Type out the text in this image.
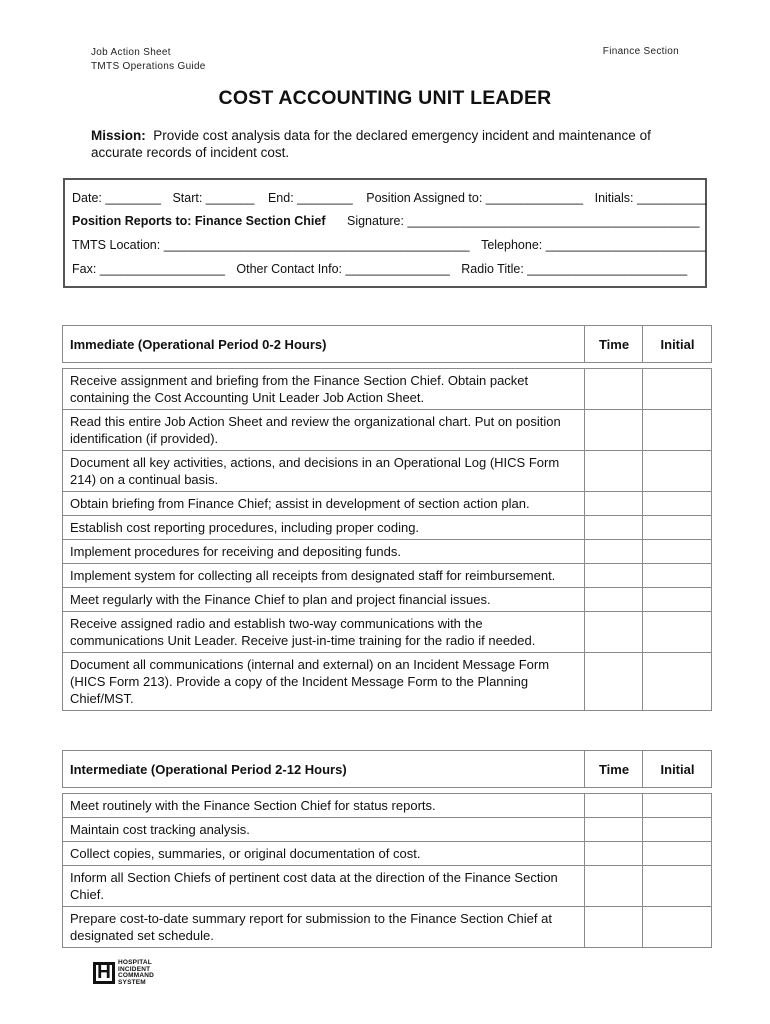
Job Action Sheet
TMTS Operations Guide
Finance Section
COST ACCOUNTING UNIT LEADER
Mission: Provide cost analysis data for the declared emergency incident and maintenance of accurate records of incident cost.
Date: ________ Start: _______ End: ________ Position Assigned to: ______________ Initials: __________
Position Reports to: Finance Section Chief Signature: __________________________________________
TMTS Location: ____________________________________________ Telephone: _______________________
Fax: __________________ Other Contact Info: _______________ Radio Title: _______________________
Immediate (Operational Period 0-2 Hours)	Time	Initial

Receive assignment and briefing from the Finance Section Chief. Obtain packet containing the Cost Accounting Unit Leader Job Action Sheet.		
Read this entire Job Action Sheet and review the organizational chart. Put on position identification (if provided).		
Document all key activities, actions, and decisions in an Operational Log (HICS Form 214) on a continual basis.		
Obtain briefing from Finance Chief; assist in development of section action plan.		
Establish cost reporting procedures, including proper coding.		
Implement procedures for receiving and depositing funds.		
Implement system for collecting all receipts from designated staff for reimbursement.		
Meet regularly with the Finance Chief to plan and project financial issues.		
Receive assigned radio and establish two-way communications with the communications Unit Leader. Receive just-in-time training for the radio if needed.		
Document all communications (internal and external) on an Incident Message Form (HICS Form 213). Provide a copy of the Incident Message Form to the Planning Chief/MST.		
Intermediate (Operational Period 2-12 Hours)	Time	Initial

Meet routinely with the Finance Section Chief for status reports.		
Maintain cost tracking analysis.		
Collect copies, summaries, or original documentation of cost.		
Inform all Section Chiefs of pertinent cost data at the direction of the Finance Section Chief.		
Prepare cost-to-date summary report for submission to the Finance Section Chief at designated set schedule.		
H	HOSPITAL
INCIDENT
COMMAND
SYSTEM
